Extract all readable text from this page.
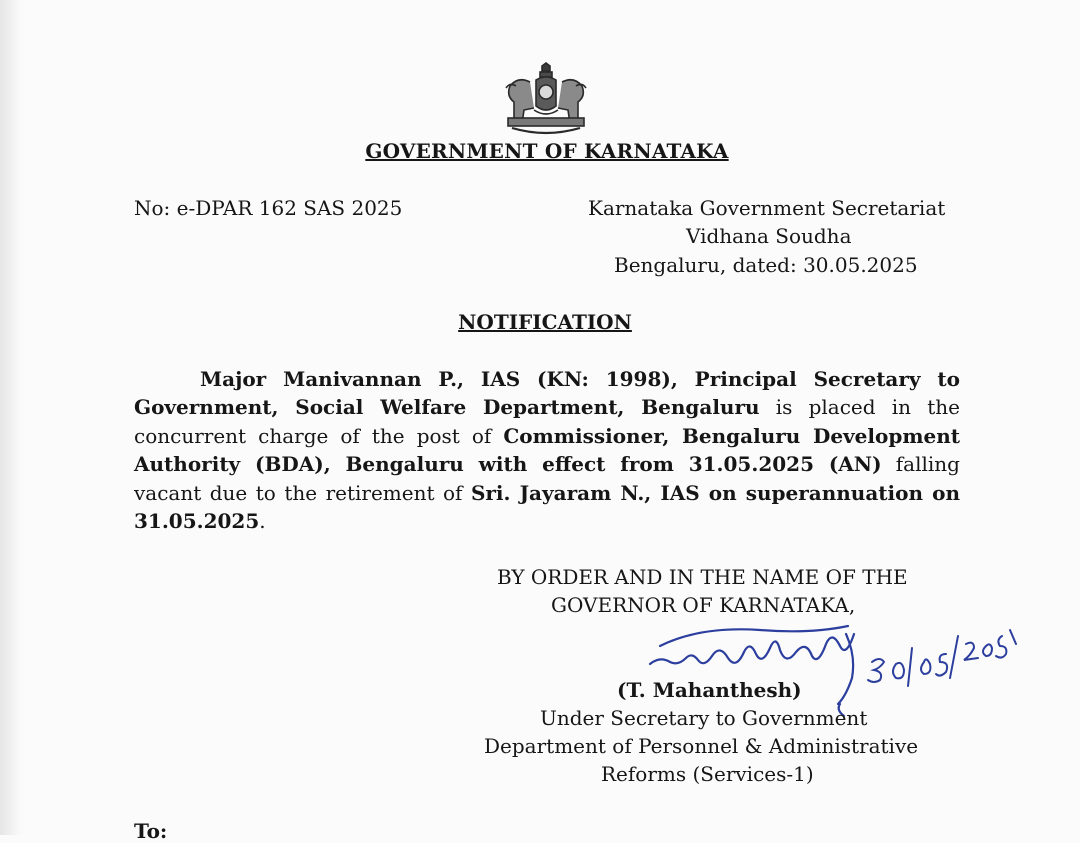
GOVERNMENT OF KARNATAKA
No: e-DPAR 162 SAS 2025	Karnataka Government Secretariat
Vidhana Soudha
Bengaluru, dated: 30.05.2025
NOTIFICATION
Major Manivannan P., IAS (KN: 1998), Principal Secretary to Government, Social Welfare Department, Bengaluru is placed in the concurrent charge of the post of Commissioner, Bengaluru Development Authority (BDA), Bengaluru with effect from 31.05.2025 (AN) falling vacant due to the retirement of Sri. Jayaram N., IAS on superannuation on 31.05.2025.
BY ORDER AND IN THE NAME OF THE
GOVERNOR OF KARNATAKA,
30/05/2025
(T. Mahanthesh)
Under Secretary to Government
Department of Personnel & Administrative
Reforms (Services-1)
To:
